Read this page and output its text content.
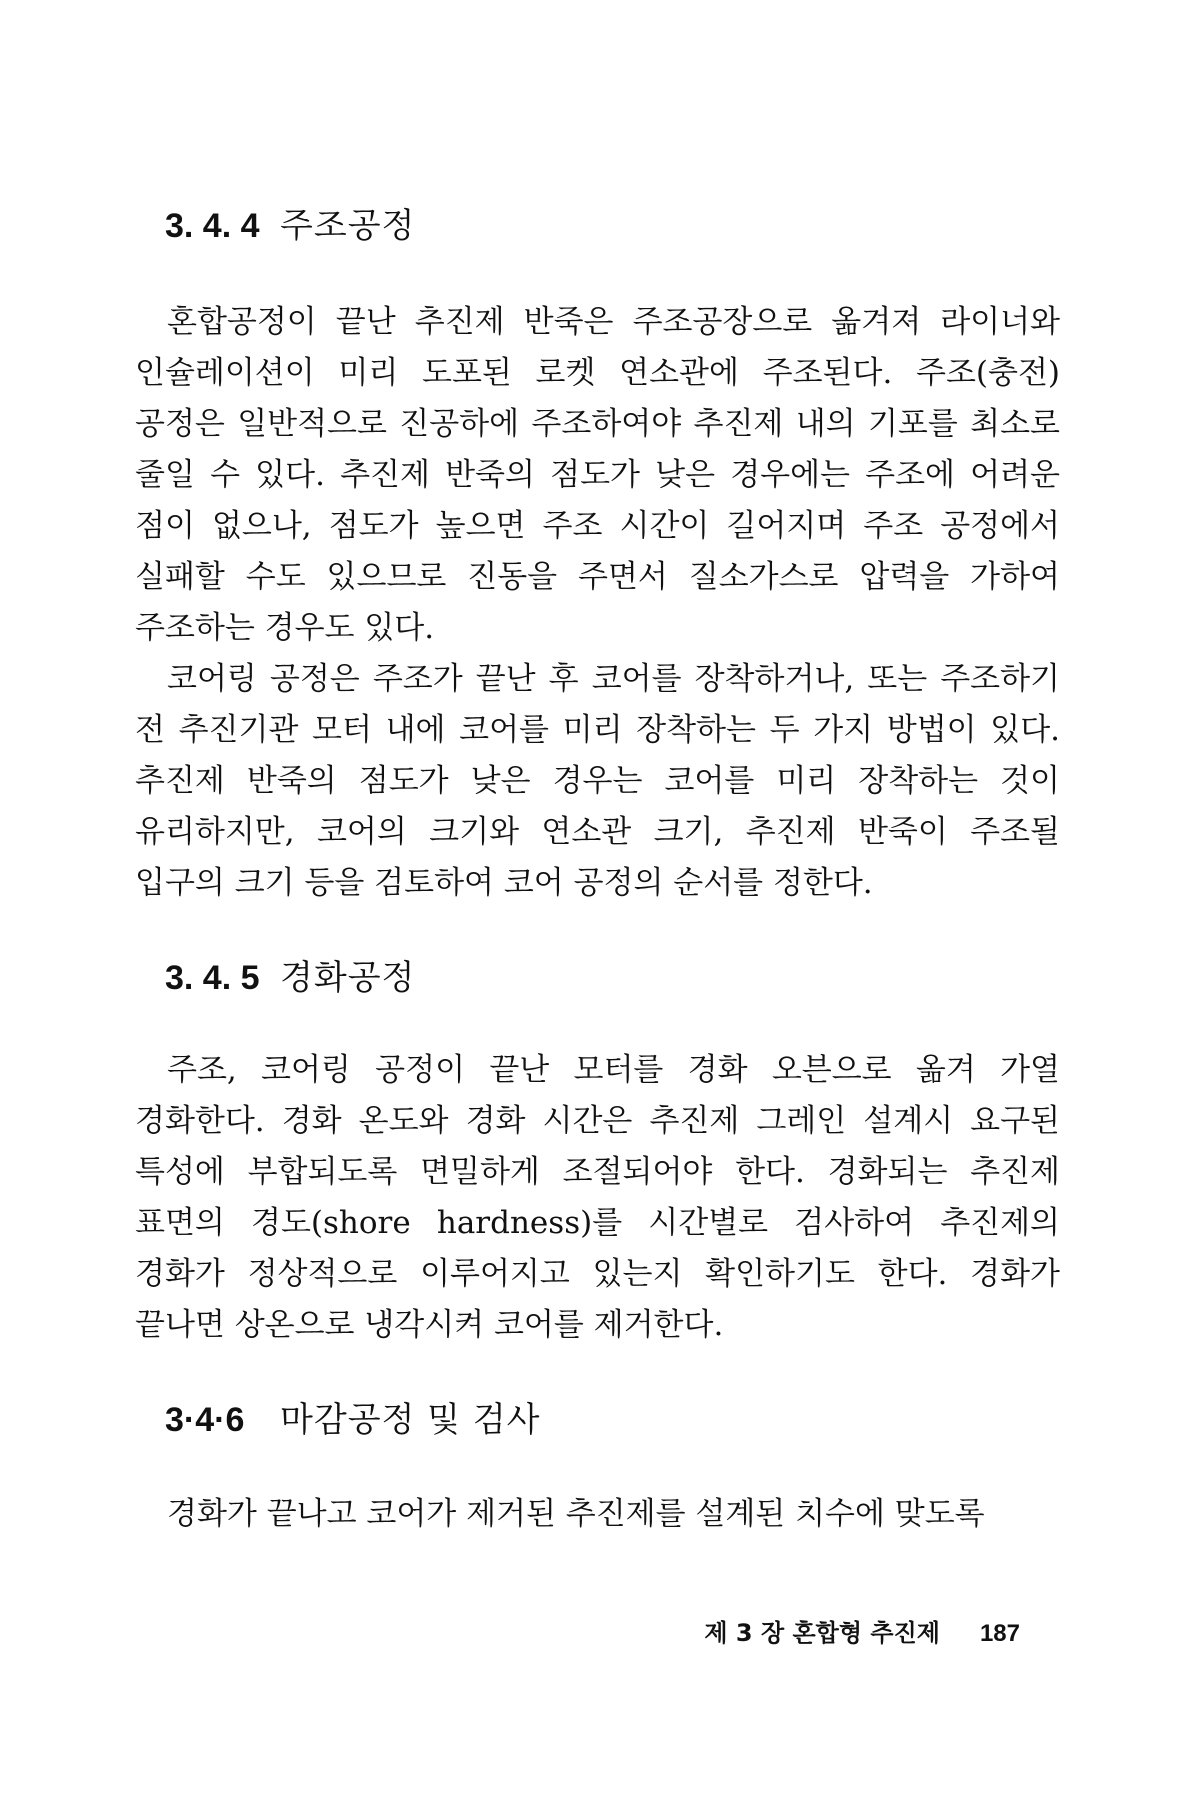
3. 4. 4 주조공정

혼합공정이 끝난 추진제 반죽은 주조공장으로 옮겨져 라이너와 인슐레이션이 미리 도포된 로켓 연소관에 주조된다. 주조(충전) 공정은 일반적으로 진공하에 주조하여야 추진제 내의 기포를 최소로 줄일 수 있다. 추진제 반죽의 점도가 낮은 경우에는 주조에 어려운 점이 없으나, 점도가 높으면 주조 시간이 길어지며 주조 공정에서 실패할 수도 있으므로 진동을 주면서 질소가스로 압력을 가하여 주조하는 경우도 있다.

코어링 공정은 주조가 끝난 후 코어를 장착하거나, 또는 주조하기 전 추진기관 모터 내에 코어를 미리 장착하는 두 가지 방법이 있다. 추진제 반죽의 점도가 낮은 경우는 코어를 미리 장착하는 것이 유리하지만, 코어의 크기와 연소관 크기, 추진제 반죽이 주조될 입구의 크기 등을 검토하여 코어 공정의 순서를 정한다.

3. 4. 5 경화공정

주조, 코어링 공정이 끝난 모터를 경화 오븐으로 옮겨 가열 경화한다. 경화 온도와 경화 시간은 추진제 그레인 설계시 요구된 특성에 부합되도록 면밀하게 조절되어야 한다. 경화되는 추진제 표면의 경도(shore hardness)를 시간별로 검사하여 추진제의 경화가 정상적으로 이루어지고 있는지 확인하기도 한다. 경화가 끝나면 상온으로 냉각시켜 코어를 제거한다.

3·4·6	마감공정 및 검사

경화가 끝나고 코어가 제거된 추진제를 설계된 치수에 맞도록

제 3 장 혼합형 추진제 187
